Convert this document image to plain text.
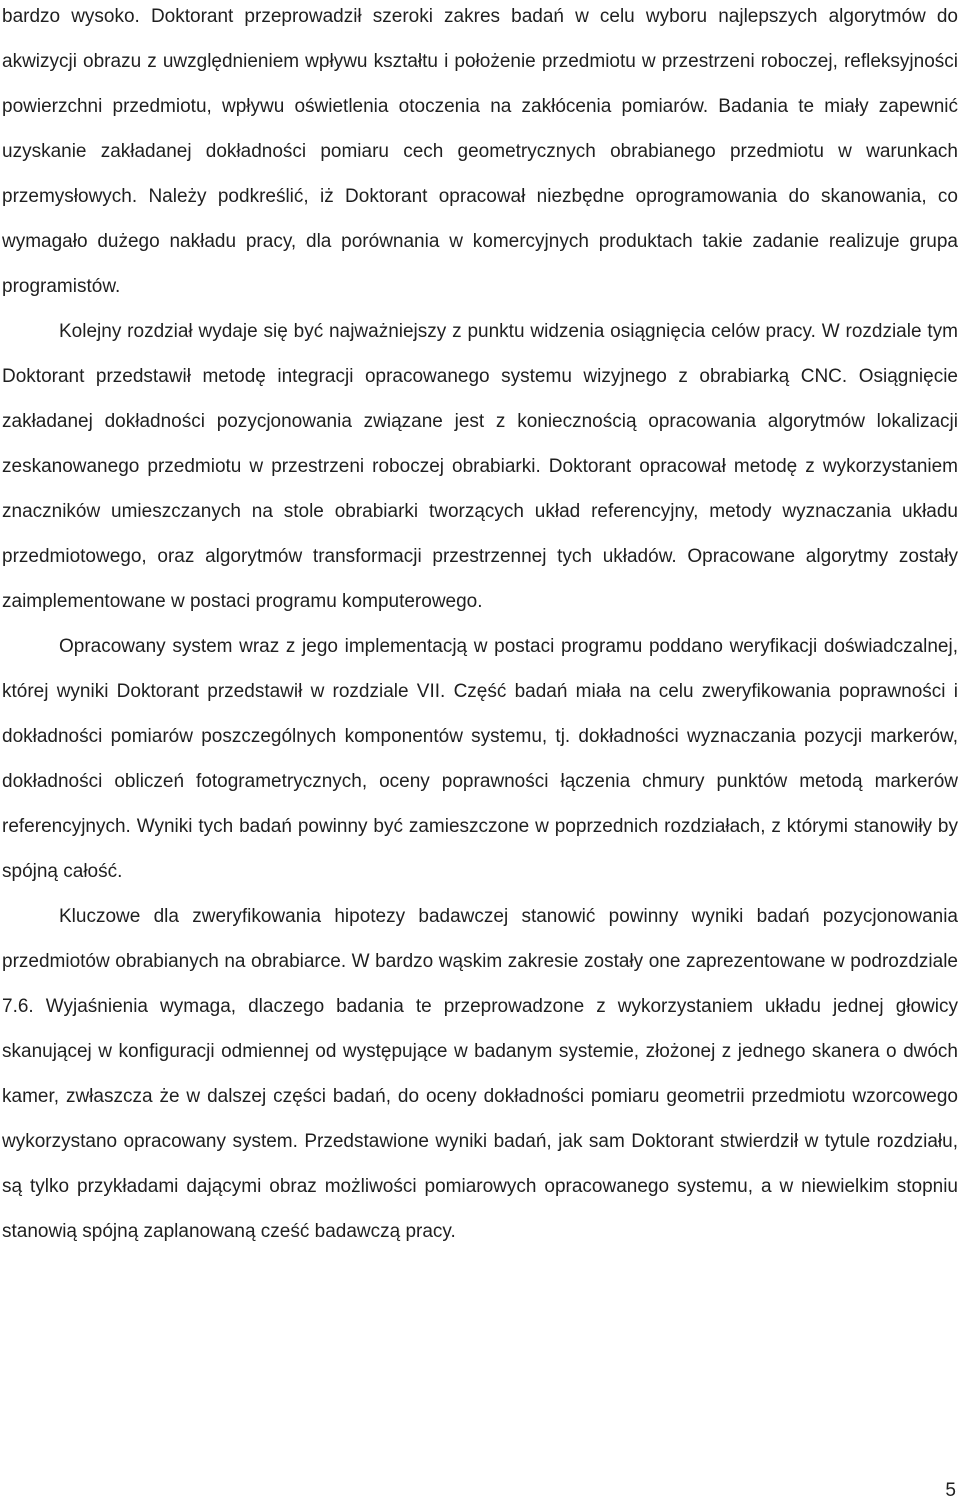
bardzo wysoko. Doktorant przeprowadził szeroki zakres badań w celu wyboru najlepszych algorytmów do akwizycji obrazu z uwzględnieniem wpływu kształtu i położenie przedmiotu w przestrzeni roboczej, refleksyjności powierzchni przedmiotu, wpływu oświetlenia otoczenia na zakłócenia pomiarów. Badania te miały zapewnić uzyskanie zakładanej dokładności pomiaru cech geometrycznych obrabianego przedmiotu w warunkach przemysłowych. Należy podkreślić, iż Doktorant opracował niezbędne oprogramowania do skanowania, co wymagało dużego nakładu pracy, dla porównania w komercyjnych produktach takie zadanie realizuje grupa programistów.

Kolejny rozdział wydaje się być najważniejszy z punktu widzenia osiągnięcia celów pracy. W rozdziale tym Doktorant przedstawił metodę integracji opracowanego systemu wizyjnego z obrabiarką CNC. Osiągnięcie zakładanej dokładności pozycjonowania związane jest z koniecznością opracowania algorytmów lokalizacji zeskanowanego przedmiotu w przestrzeni roboczej obrabiarki. Doktorant opracował metodę z wykorzystaniem znaczników umieszczanych na stole obrabiarki tworzących układ referencyjny, metody wyznaczania układu przedmiotowego, oraz algorytmów transformacji przestrzennej tych układów. Opracowane algorytmy zostały zaimplementowane w postaci programu komputerowego.

Opracowany system wraz z jego implementacją w postaci programu poddano weryfikacji doświadczalnej, której wyniki Doktorant przedstawił w rozdziale VII. Część badań miała na celu zweryfikowania poprawności i dokładności pomiarów poszczególnych komponentów systemu, tj. dokładności wyznaczania pozycji markerów, dokładności obliczeń fotogrametrycznych, oceny poprawności łączenia chmury punktów metodą markerów referencyjnych. Wyniki tych badań powinny być zamieszczone w poprzednich rozdziałach, z którymi stanowiły by spójną całość.

Kluczowe dla zweryfikowania hipotezy badawczej stanowić powinny wyniki badań pozycjonowania przedmiotów obrabianych na obrabiarce. W bardzo wąskim zakresie zostały one zaprezentowane w podrozdziale 7.6. Wyjaśnienia wymaga, dlaczego badania te przeprowadzone z wykorzystaniem układu jednej głowicy skanującej w konfiguracji odmiennej od występujące w badanym systemie, złożonej z jednego skanera o dwóch kamer, zwłaszcza że w dalszej części badań, do oceny dokładności pomiaru geometrii przedmiotu wzorcowego wykorzystano opracowany system. Przedstawione wyniki badań, jak sam Doktorant stwierdził w tytule rozdziału, są tylko przykładami dającymi obraz możliwości pomiarowych opracowanego systemu, a w niewielkim stopniu stanowią spójną zaplanowaną cześć badawczą pracy.

5
